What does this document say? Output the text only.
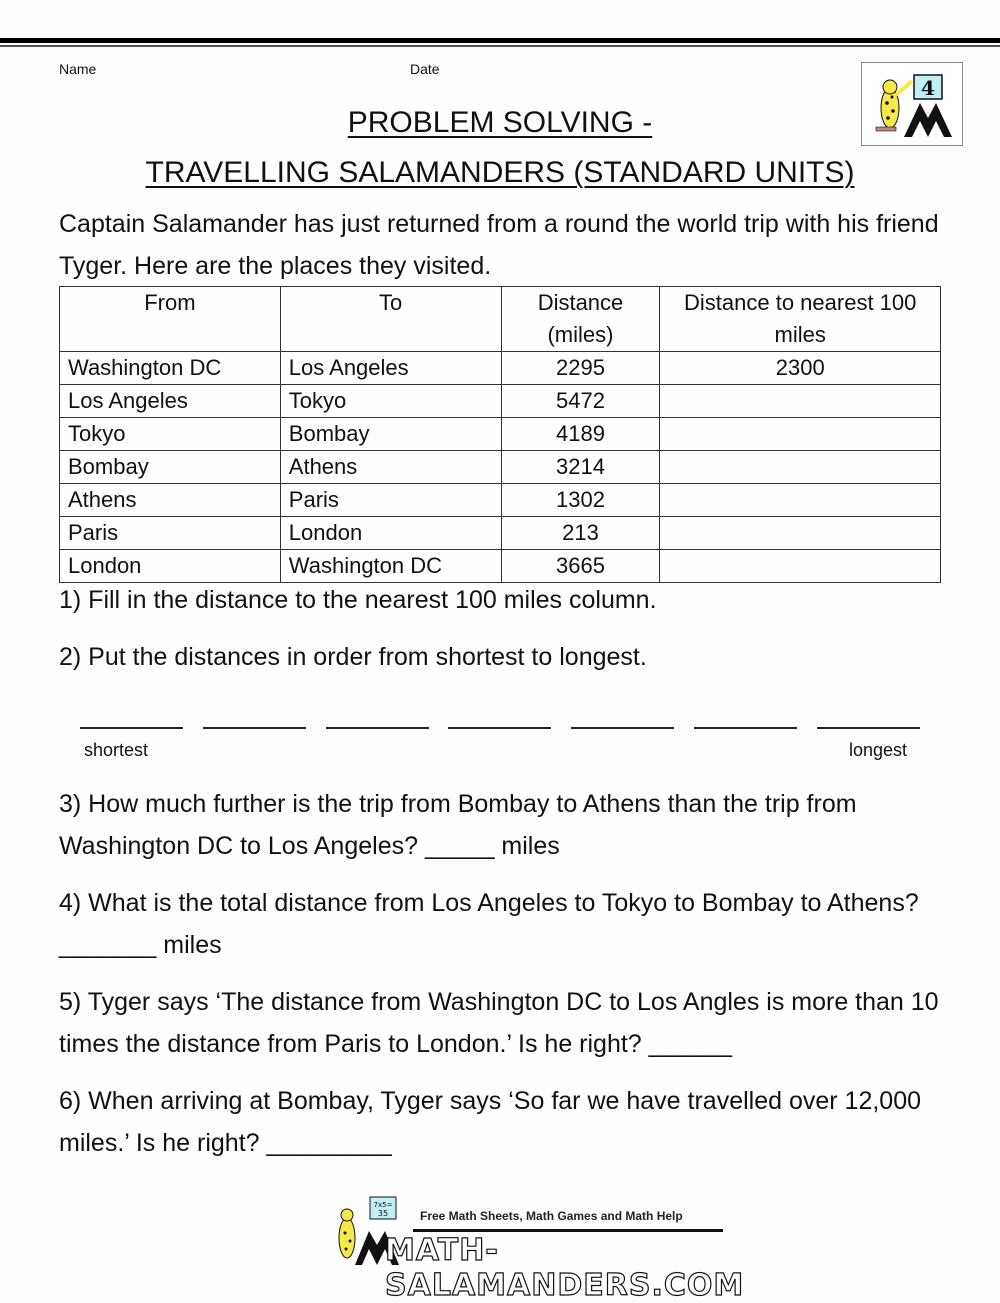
Name	Date
4
PROBLEM SOLVING -
TRAVELLING SALAMANDERS (STANDARD UNITS)
Captain Salamander has just returned from a round the world trip with his friend Tyger. Here are the places they visited.
From	To	Distance (miles)	Distance to nearest 100 miles
Washington DC	Los Angeles	2295	2300
Los Angeles	Tokyo	5472	
Tokyo	Bombay	4189	
Bombay	Athens	3214	
Athens	Paris	1302	
Paris	London	213	
London	Washington DC	3665	
1) Fill in the distance to the nearest 100 miles column.
2) Put the distances in order from shortest to longest.
shortest	longest
3) How much further is the trip from Bombay to Athens than the trip from Washington DC to Los Angeles? _____ miles
4) What is the total distance from Los Angeles to Tokyo to Bombay to Athens? _______ miles
5) Tyger says ‘The distance from Washington DC to Los Angles is more than 10 times the distance from Paris to London.’ Is he right? ______
6) When arriving at Bombay, Tyger says ‘So far we have travelled over 12,000 miles.’ Is he right? _________
7x5=
35	Free Math Sheets, Math Games and Math Help
MATH-SALAMANDERS.COM
